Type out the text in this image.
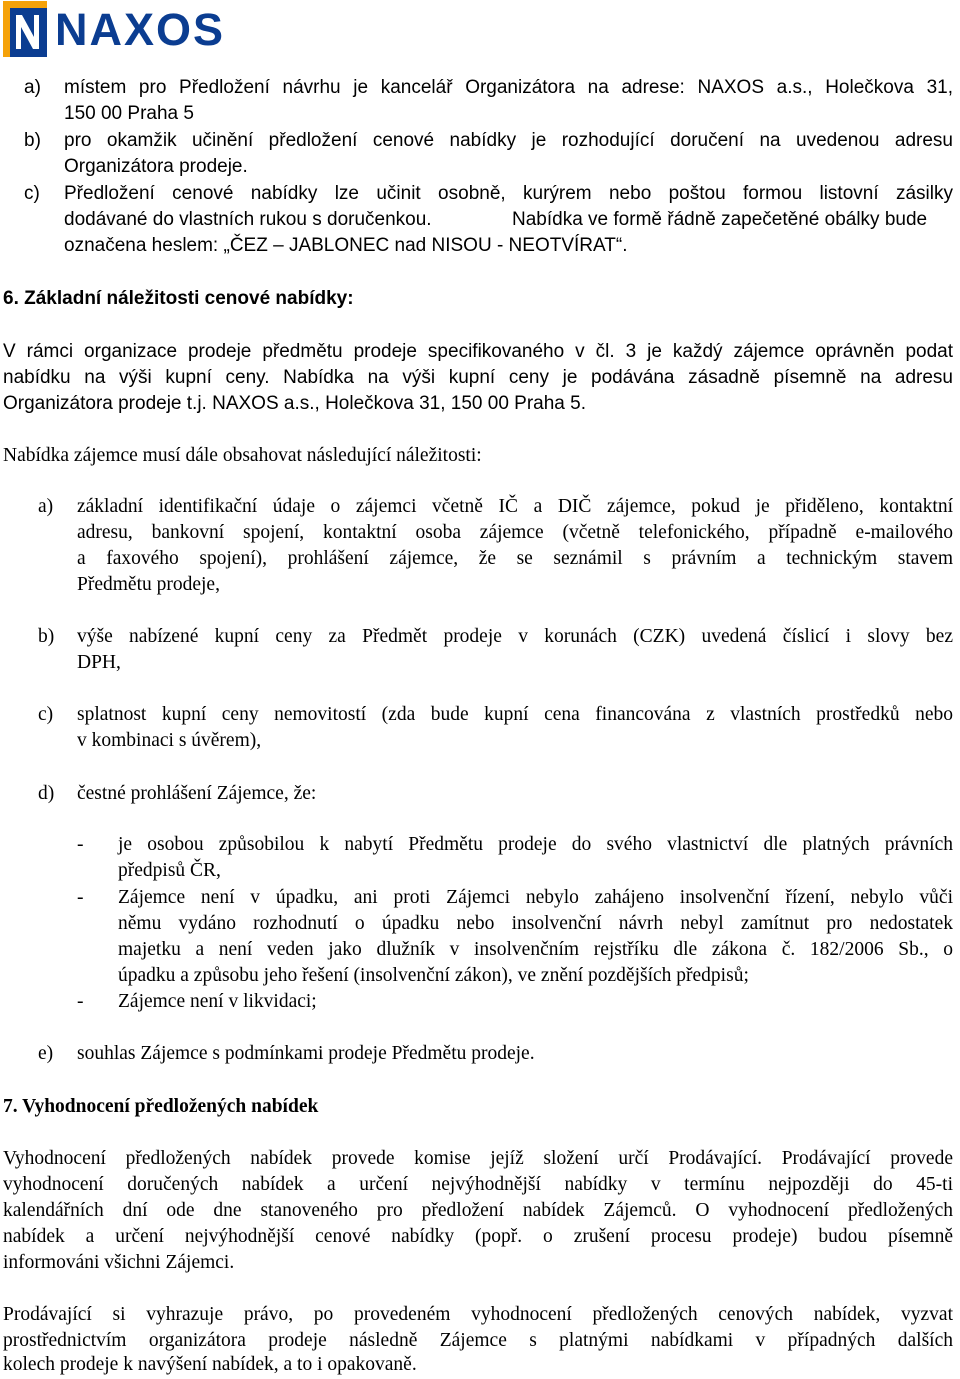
NAXOS
a) místem pro Předložení návrhu je kancelář Organizátora na adrese: NAXOS a.s., Holečkova 31,
150 00 Praha 5
b) pro okamžik učinění předložení cenové nabídky je rozhodující doručení na uvedenou adresu
Organizátora prodeje.
c) Předložení cenové nabídky lze učinit osobně, kurýrem nebo poštou formou listovní zásilky
dodávané do vlastních rukou s doručenkou.	Nabídka ve formě řádně zapečetěné obálky bude
označena heslem: „ČEZ – JABLONEC nad NISOU - NEOTVÍRAT“.
6. Základní náležitosti cenové nabídky:
V rámci organizace prodeje předmětu prodeje specifikovaného v čl. 3 je každý zájemce oprávněn podat
nabídku na výši kupní ceny. Nabídka na výši kupní ceny je podávána zásadně písemně na adresu
Organizátora prodeje t.j. NAXOS a.s., Holečkova 31, 150 00 Praha 5.
Nabídka zájemce musí dále obsahovat následující náležitosti:
a) základní identifikační údaje o zájemci včetně IČ a DIČ zájemce, pokud je přiděleno, kontaktní
adresu, bankovní spojení, kontaktní osoba zájemce (včetně telefonického, případně e-mailového
a faxového spojení), prohlášení zájemce, že se seznámil s právním a technickým stavem
Předmětu prodeje,
b) výše nabízené kupní ceny za Předmět prodeje v korunách (CZK) uvedená číslicí i slovy bez
DPH,
c) splatnost kupní ceny nemovitostí (zda bude kupní cena financována z vlastních prostředků nebo
v kombinaci s úvěrem),
d) čestné prohlášení Zájemce, že:
- je osobou způsobilou k nabytí Předmětu prodeje do svého vlastnictví dle platných právních
předpisů ČR,
- Zájemce není v úpadku, ani proti Zájemci nebylo zahájeno insolvenční řízení, nebylo vůči
němu vydáno rozhodnutí o úpadku nebo insolvenční návrh nebyl zamítnut pro nedostatek
majetku a není veden jako dlužník v insolvenčním rejstříku dle zákona č. 182/2006 Sb., o
úpadku a způsobu jeho řešení (insolvenční zákon), ve znění pozdějších předpisů;
- Zájemce není v likvidaci;
e) souhlas Zájemce s podmínkami prodeje Předmětu prodeje.
7. Vyhodnocení předložených nabídek
Vyhodnocení předložených nabídek provede komise jejíž složení určí Prodávající. Prodávající provede
vyhodnocení doručených nabídek a určení nejvýhodnější nabídky v termínu nejpozději do 45-ti
kalendářních dní ode dne stanoveného pro předložení nabídek Zájemců. O vyhodnocení předložených
nabídek a určení nejvýhodnější cenové nabídky (popř. o zrušení procesu prodeje) budou písemně
informováni všichni Zájemci.
Prodávající si vyhrazuje právo, po provedeném vyhodnocení předložených cenových nabídek, vyzvat
prostřednictvím organizátora prodeje následně Zájemce s platnými nabídkami v případných dalších
kolech prodeje k navýšení nabídek, a to i opakovaně.
